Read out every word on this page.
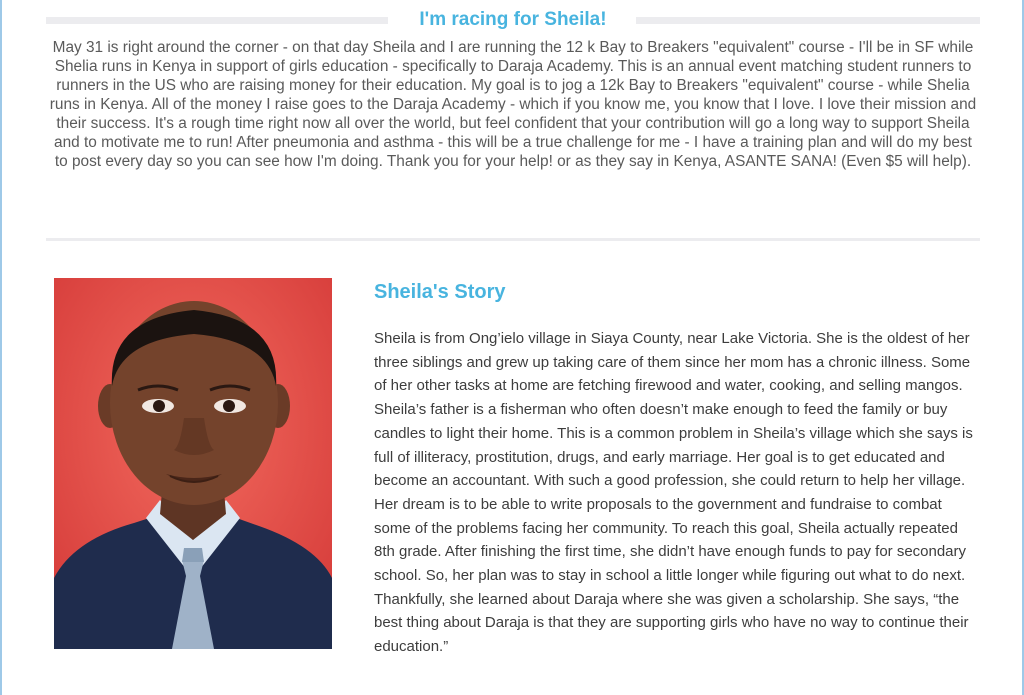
I'm racing for Sheila!

May 31 is right around the corner - on that day Sheila and I are running the 12 k Bay to Breakers "equivalent" course - I'll be in SF while Shelia runs in Kenya in support of girls education - specifically to Daraja Academy. This is an annual event matching student runners to runners in the US who are raising money for their education. My goal is to jog a 12k Bay to Breakers "equivalent" course - while Shelia runs in Kenya. All of the money I raise goes to the Daraja Academy - which if you know me, you know that I love. I love their mission and their success. It's a rough time right now all over the world, but feel confident that your contribution will go a long way to support Sheila and to motivate me to run! After pneumonia and asthma - this will be a true challenge for me - I have a training plan and will do my best to post every day so you can see how I'm doing. Thank you for your help! or as they say in Kenya, ASANTE SANA! (Even $5 will help).

Sheila's Story

Sheila is from Ong’ielo village in Siaya County, near Lake Victoria. She is the oldest of her three siblings and grew up taking care of them since her mom has a chronic illness. Some of her other tasks at home are fetching firewood and water, cooking, and selling mangos. Sheila’s father is a fisherman who often doesn’t make enough to feed the family or buy candles to light their home. This is a common problem in Sheila’s village which she says is full of illiteracy, prostitution, drugs, and early marriage. Her goal is to get educated and become an accountant. With such a good profession, she could return to help her village. Her dream is to be able to write proposals to the government and fundraise to combat some of the problems facing her community. To reach this goal, Sheila actually repeated 8th grade. After finishing the first time, she didn’t have enough funds to pay for secondary school. So, her plan was to stay in school a little longer while figuring out what to do next. Thankfully, she learned about Daraja where she was given a scholarship. She says, “the best thing about Daraja is that they are supporting girls who have no way to continue their education.”
